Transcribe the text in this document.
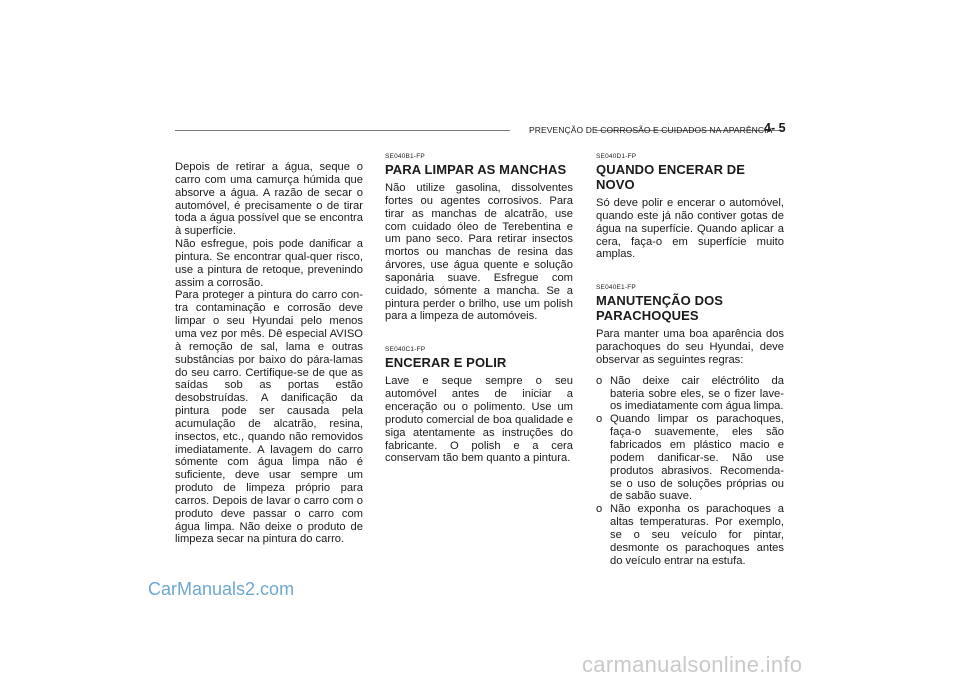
PREVENÇÃO DE CORROSÃO E CUIDADOS NA APARÊNCIA
4- 5

Depois de retirar a água, seque o carro com uma camurça húmida que absorve a água. A razão de secar o automóvel, é precisamente o de tirar toda a água possível que se encontra à superfície.

Não esfregue, pois pode danificar a pintura. Se encontrar qual-quer risco, use a pintura de retoque, prevenindo assim a corrosão.

Para proteger a pintura do carro con-tra contaminação e corrosão deve limpar o seu Hyundai pelo menos uma vez por mês. Dê especial AVISO à remoção de sal, lama e outras substâncias por baixo do pára-lamas do seu carro. Certifique-se de que as saídas sob as portas estão desobstruídas. A danificação da pintura pode ser causada pela acumulação de alcatrão, resina, insectos, etc., quando não removidos imediatamente. A lavagem do carro sómente com água limpa não é suficiente, deve usar sempre um produto de limpeza próprio para carros. Depois de lavar o carro com o produto deve passar o carro com água limpa. Não deixe o produto de limpeza secar na pintura do carro.

SE040B1-FP

PARA LIMPAR AS MANCHAS

Não utilize gasolina, dissolventes fortes ou agentes corrosivos. Para tirar as manchas de alcatrão, use com cuidado óleo de Terebentina e um pano seco. Para retirar insectos mortos ou manchas de resina das árvores, use água quente e solução saponária suave. Esfregue com cuidado, sómente a mancha. Se a pintura perder o brilho, use um polish para a limpeza de automóveis.

SE040C1-FP

ENCERAR E POLIR

Lave e seque sempre o seu automóvel antes de iniciar a enceração ou o polimento. Use um produto comercial de boa qualidade e siga atentamente as instruções do fabricante. O polish e a cera conservam tão bem quanto a pintura.

SE040D1-FP

QUANDO ENCERAR DE NOVO

Só deve polir e encerar o automóvel, quando este já não contiver gotas de água na superfície. Quando aplicar a cera, faça-o em superfície muito amplas.

SE040E1-FP

MANUTENÇÃO DOS PARACHOQUES

Para manter uma boa aparência dos parachoques do seu Hyundai, deve observar as seguintes regras:

o Não deixe cair eléctrólito da bateria sobre eles, se o fizer lave-os imediatamente com água limpa.
o Quando limpar os parachoques, faça-o suavemente, eles são fabricados em plástico macio e podem danificar-se. Não use produtos abrasivos. Recomenda-se o uso de soluções próprias ou de sabão suave.
o Não exponha os parachoques a altas temperaturas. Por exemplo, se o seu veículo for pintar, desmonte os parachoques antes do veículo entrar na estufa.
CarManuals2.com
carmanualsonline.info
